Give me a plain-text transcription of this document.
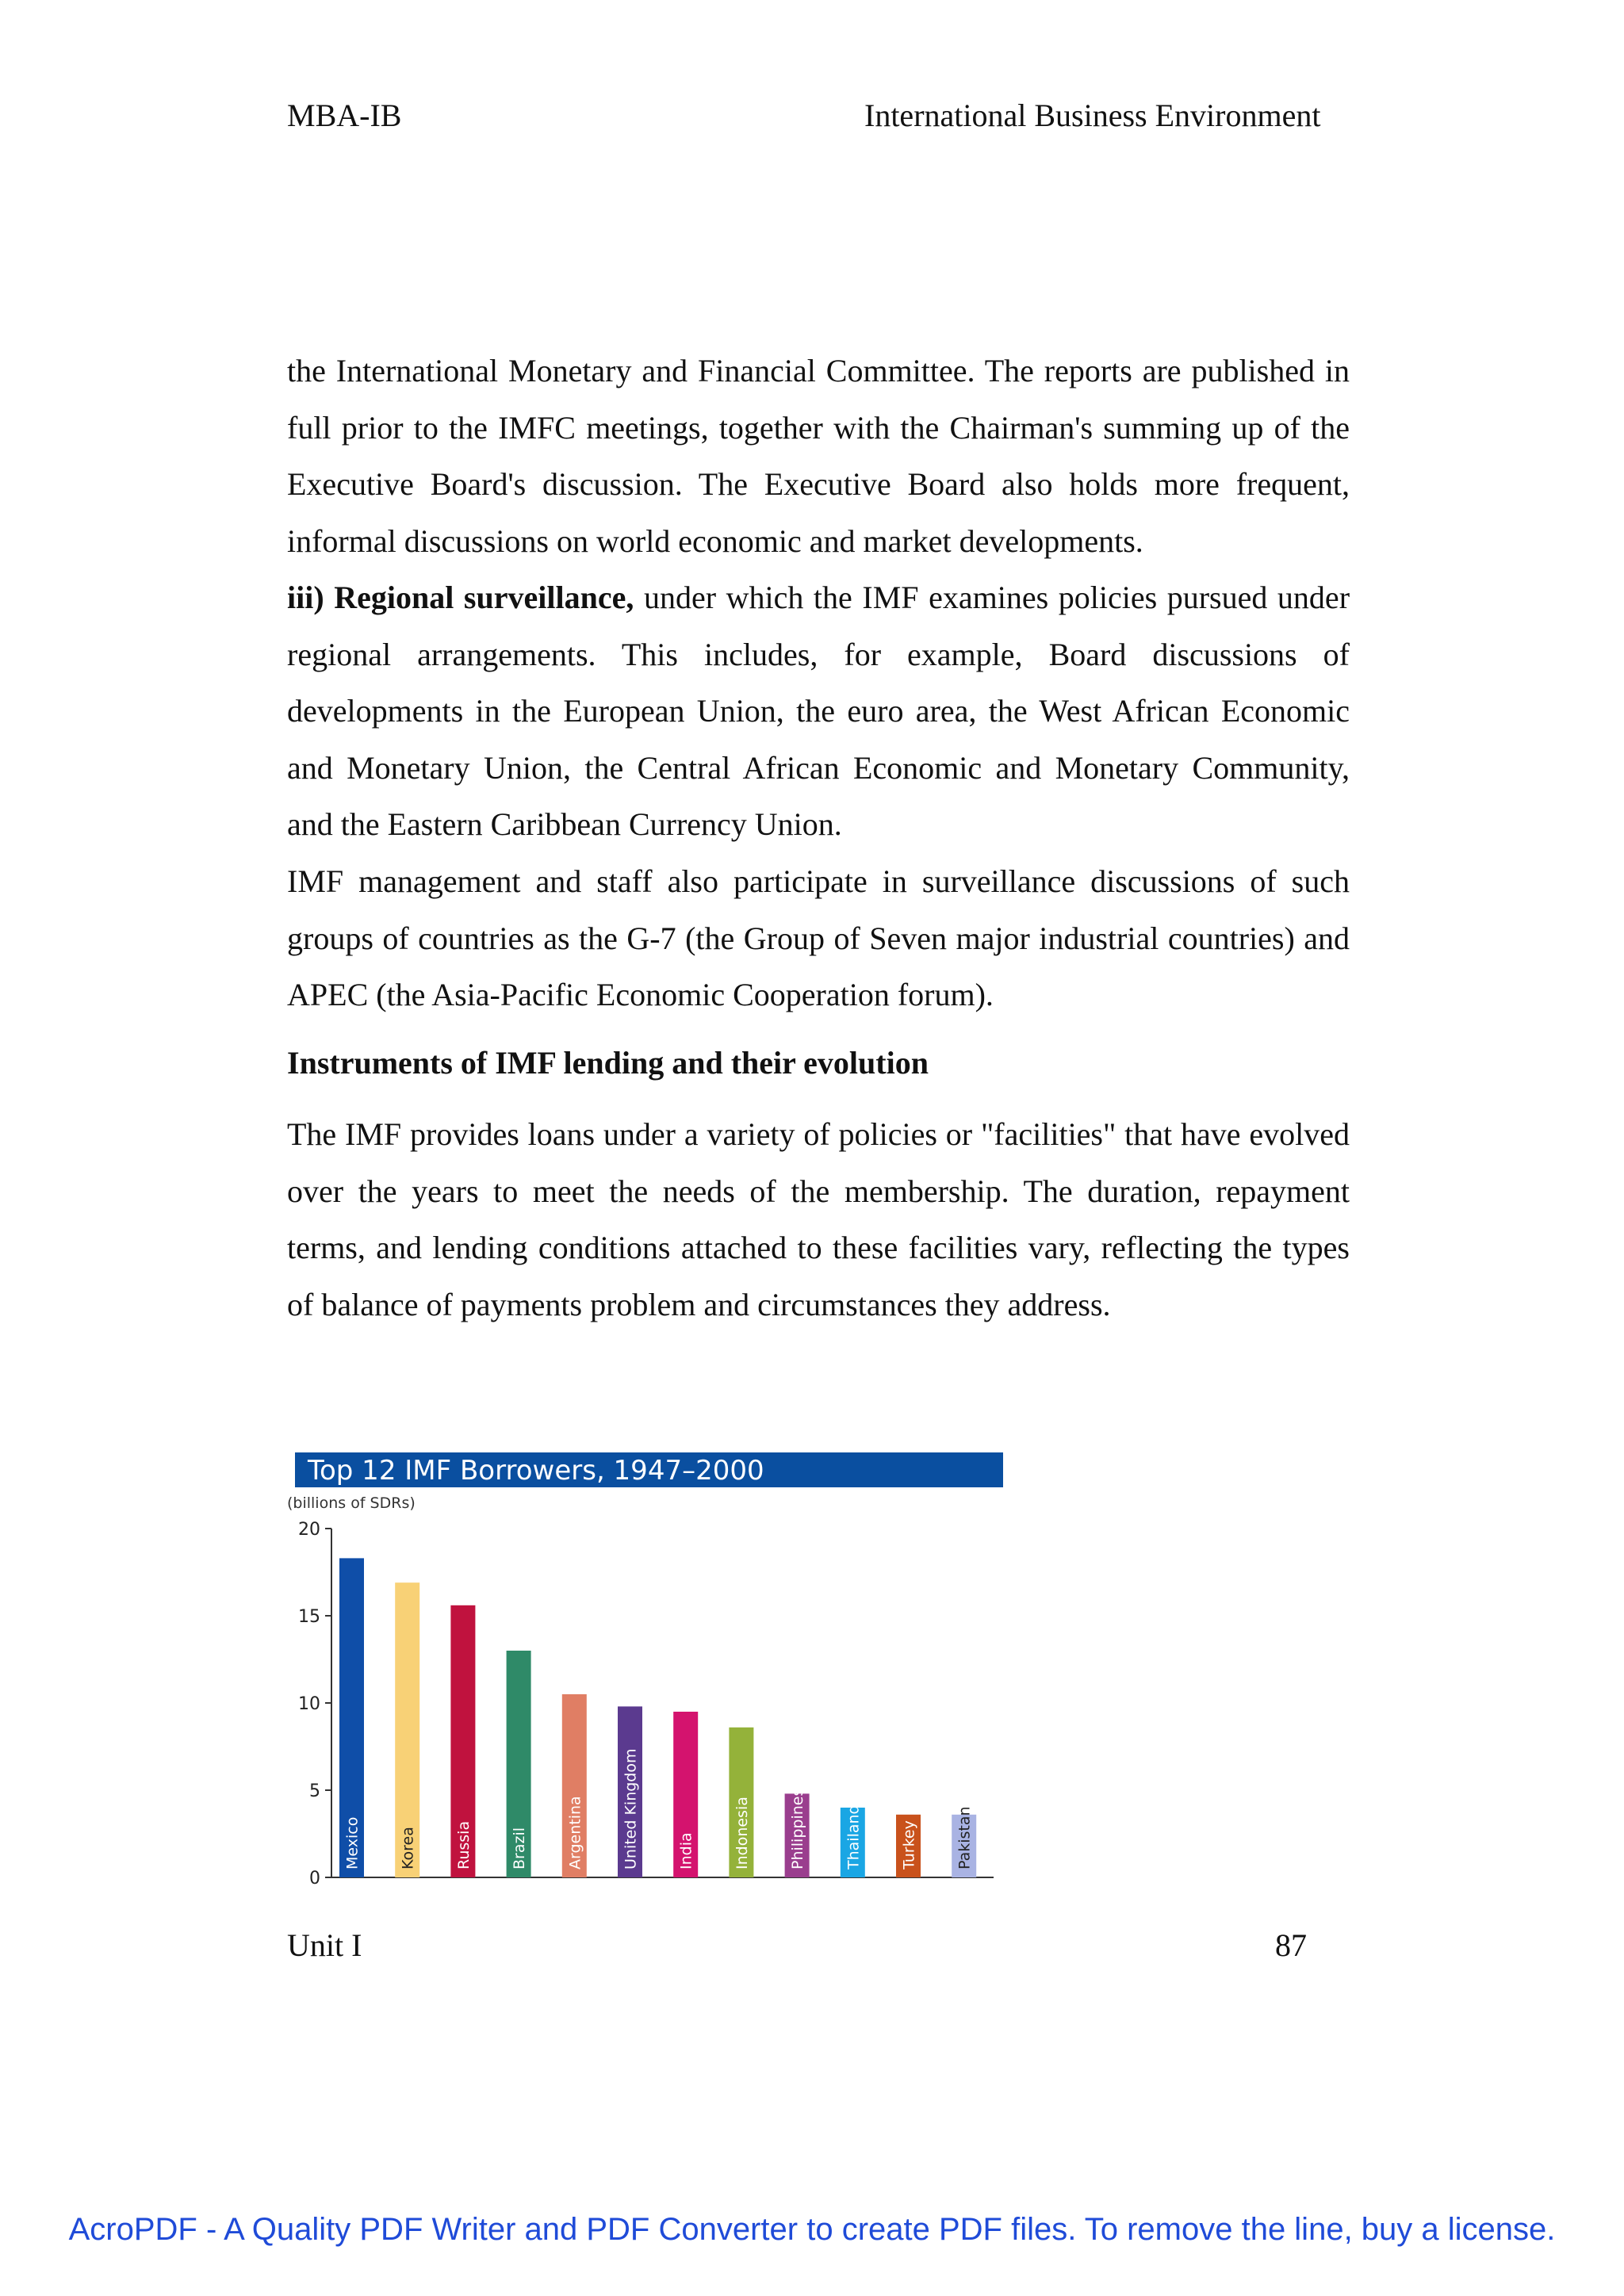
MBA-IB	International Business Environment
the International Monetary and Financial Committee. The reports are published in full prior to the IMFC meetings, together with the Chairman's summing up of the Executive Board's discussion. The Executive Board also holds more frequent, informal discussions on world economic and market developments.
iii) Regional surveillance, under which the IMF examines policies pursued under regional arrangements. This includes, for example, Board discussions of developments in the European Union, the euro area, the West African Economic and Monetary Union, the Central African Economic and Monetary Community, and the Eastern Caribbean Currency Union.
IMF management and staff also participate in surveillance discussions of such groups of countries as the G-7 (the Group of Seven major industrial countries) and APEC (the Asia-Pacific Economic Cooperation forum).
Instruments of IMF lending and their evolution
The IMF provides loans under a variety of policies or "facilities" that have evolved over the years to meet the needs of the membership. The duration, repayment terms, and lending conditions attached to these facilities vary, reflecting the types of balance of payments problem and circumstances they address.
Top 12 IMF Borrowers, 1947–2000
(billions of SDRs)
0
5
10
15
20
Mexico	Korea	Russia	Brazil	Argentina	United Kingdom	India	Indonesia	Philippines	Thailand	Turkey	Pakistan
Unit I	87
AcroPDF - A Quality PDF Writer and PDF Converter to create PDF files. To remove the line, buy a license.
